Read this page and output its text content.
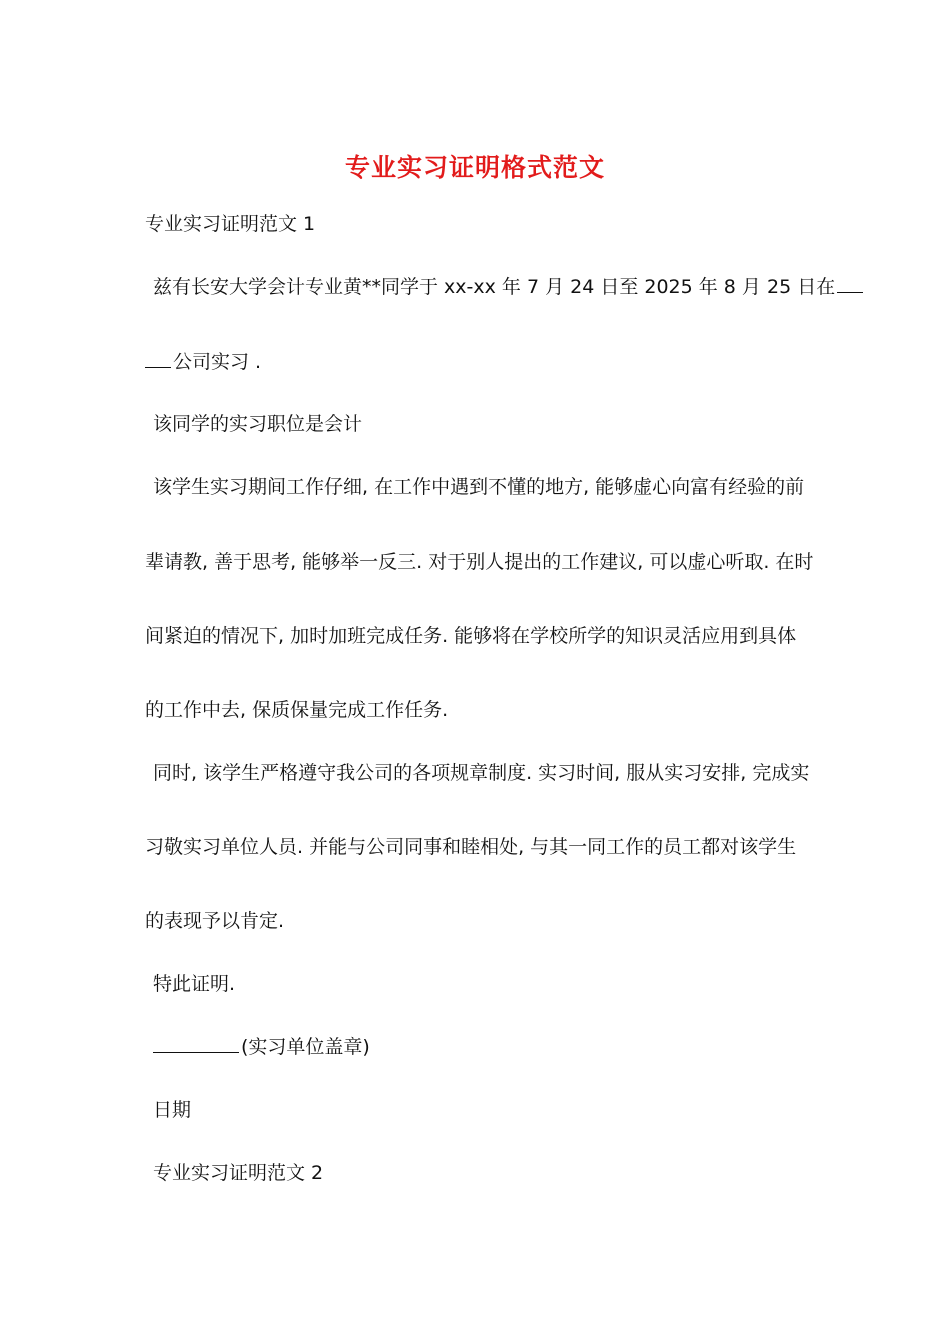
专业实习证明格式范文

专业实习证明范文 1

兹有长安大学会计专业黄**同学于 xx-xx 年 7 月 24 日至 2025 年 8 月 25 日在

公司实习 .

该同学的实习职位是会计

该学生实习期间工作仔细, 在工作中遇到不懂的地方, 能够虚心向富有经验的前

辈请教, 善于思考, 能够举一反三. 对于别人提出的工作建议, 可以虚心听取. 在时

间紧迫的情况下, 加时加班完成任务. 能够将在学校所学的知识灵活应用到具体

的工作中去, 保质保量完成工作任务.

同时, 该学生严格遵守我公司的各项规章制度. 实习时间, 服从实习安排, 完成实

习敬实习单位人员. 并能与公司同事和睦相处, 与其一同工作的员工都对该学生

的表现予以肯定.

特此证明.

(实习单位盖章)

日期

专业实习证明范文 2
